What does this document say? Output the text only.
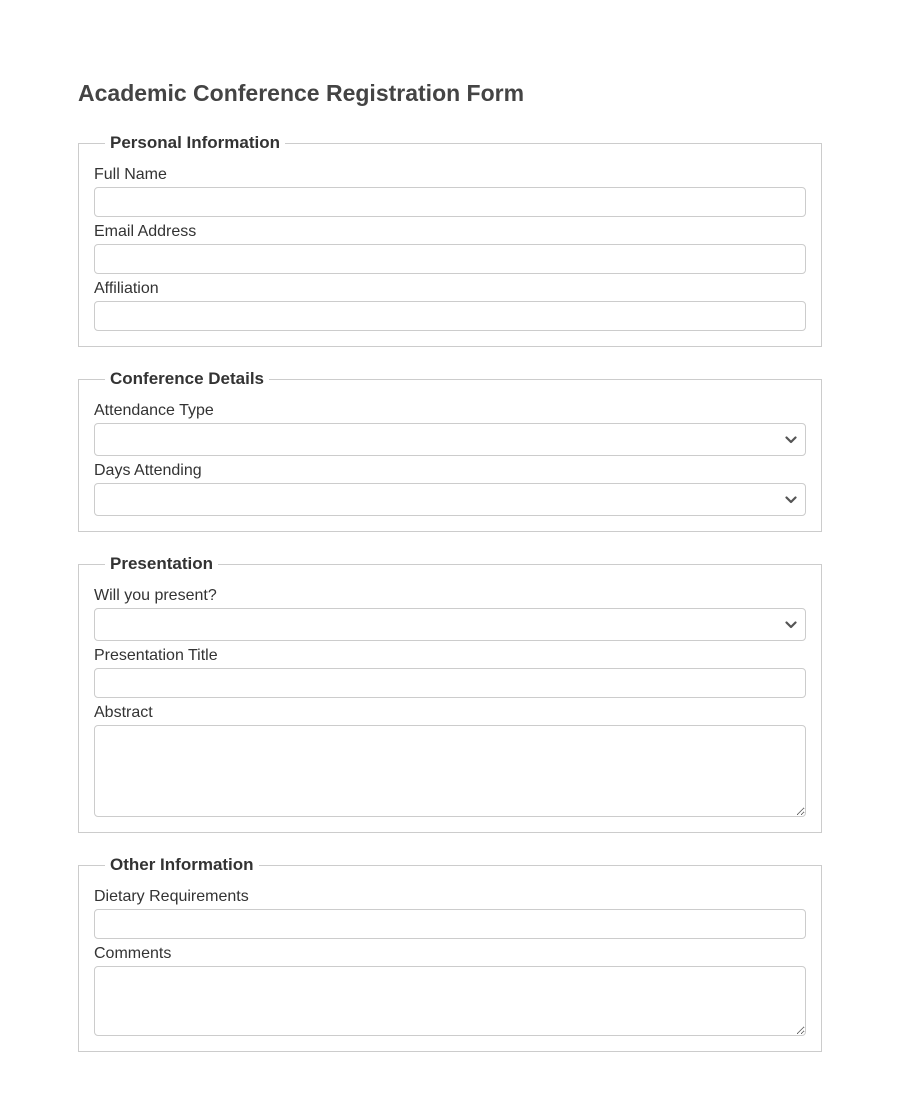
Academic Conference Registration Form
Personal Information
Full Name
Email Address
Affiliation
Conference Details
Attendance Type
Days Attending
Presentation
Will you present?
Presentation Title
Abstract
Other Information
Dietary Requirements
Comments
